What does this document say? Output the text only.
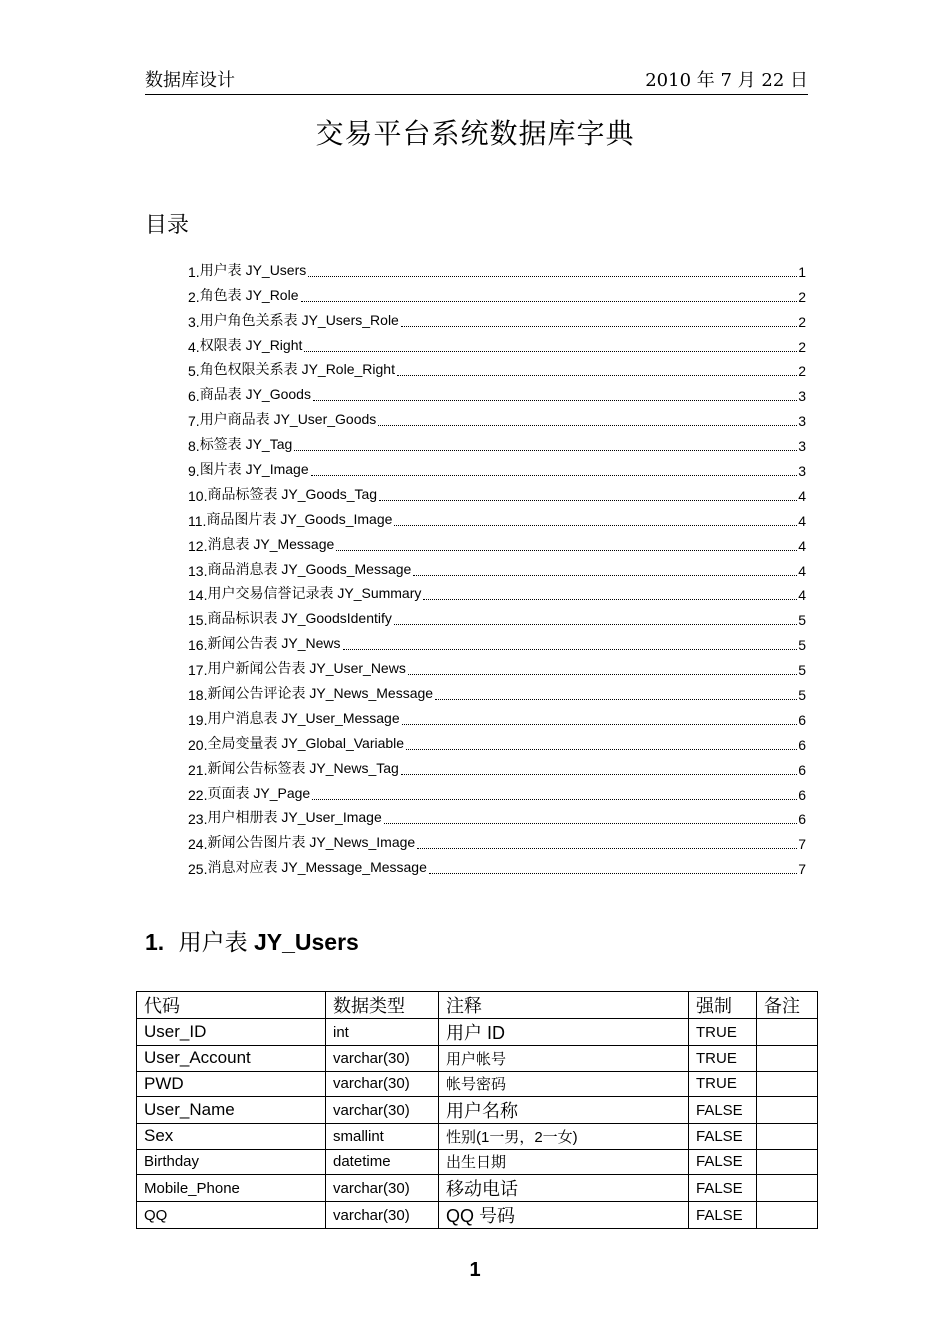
数据库设计	2010 年 7 月 22 日
交易平台系统数据库字典
目录
1. 用户表 JY_Users	1
2. 角色表 JY_Role	2
3. 用户角色关系表 JY_Users_Role	2
4. 权限表 JY_Right	2
5. 角色权限关系表 JY_Role_Right	2
6. 商品表 JY_Goods	3
7. 用户商品表 JY_User_Goods	3
8. 标签表 JY_Tag	3
9. 图片表 JY_Image	3
10. 商品标签表 JY_Goods_Tag	4
11. 商品图片表 JY_Goods_Image	4
12. 消息表 JY_Message	4
13. 商品消息表 JY_Goods_Message	4
14. 用户交易信誉记录表 JY_Summary	4
15. 商品标识表 JY_GoodsIdentify	5
16. 新闻公告表 JY_News	5
17. 用户新闻公告表 JY_User_News	5
18. 新闻公告评论表 JY_News_Message	5
19. 用户消息表 JY_User_Message	6
20. 全局变量表 JY_Global_Variable	6
21. 新闻公告标签表 JY_News_Tag	6
22. 页面表 JY_Page	6
23. 用户相册表 JY_User_Image	6
24. 新闻公告图片表 JY_News_Image	7
25. 消息对应表 JY_Message_Message	7
1. 用户表 JY_Users
代码	数据类型	注释	强制	备注
User_ID	int	用户 ID	TRUE	
User_Account	varchar(30)	用户帐号	TRUE	
PWD	varchar(30)	帐号密码	TRUE	
User_Name	varchar(30)	用户名称	FALSE	
Sex	smallint	性别(1一男，2一女)	FALSE	
Birthday	datetime	出生日期	FALSE	
Mobile_Phone	varchar(30)	移动电话	FALSE	
QQ	varchar(30)	QQ 号码	FALSE	
1
